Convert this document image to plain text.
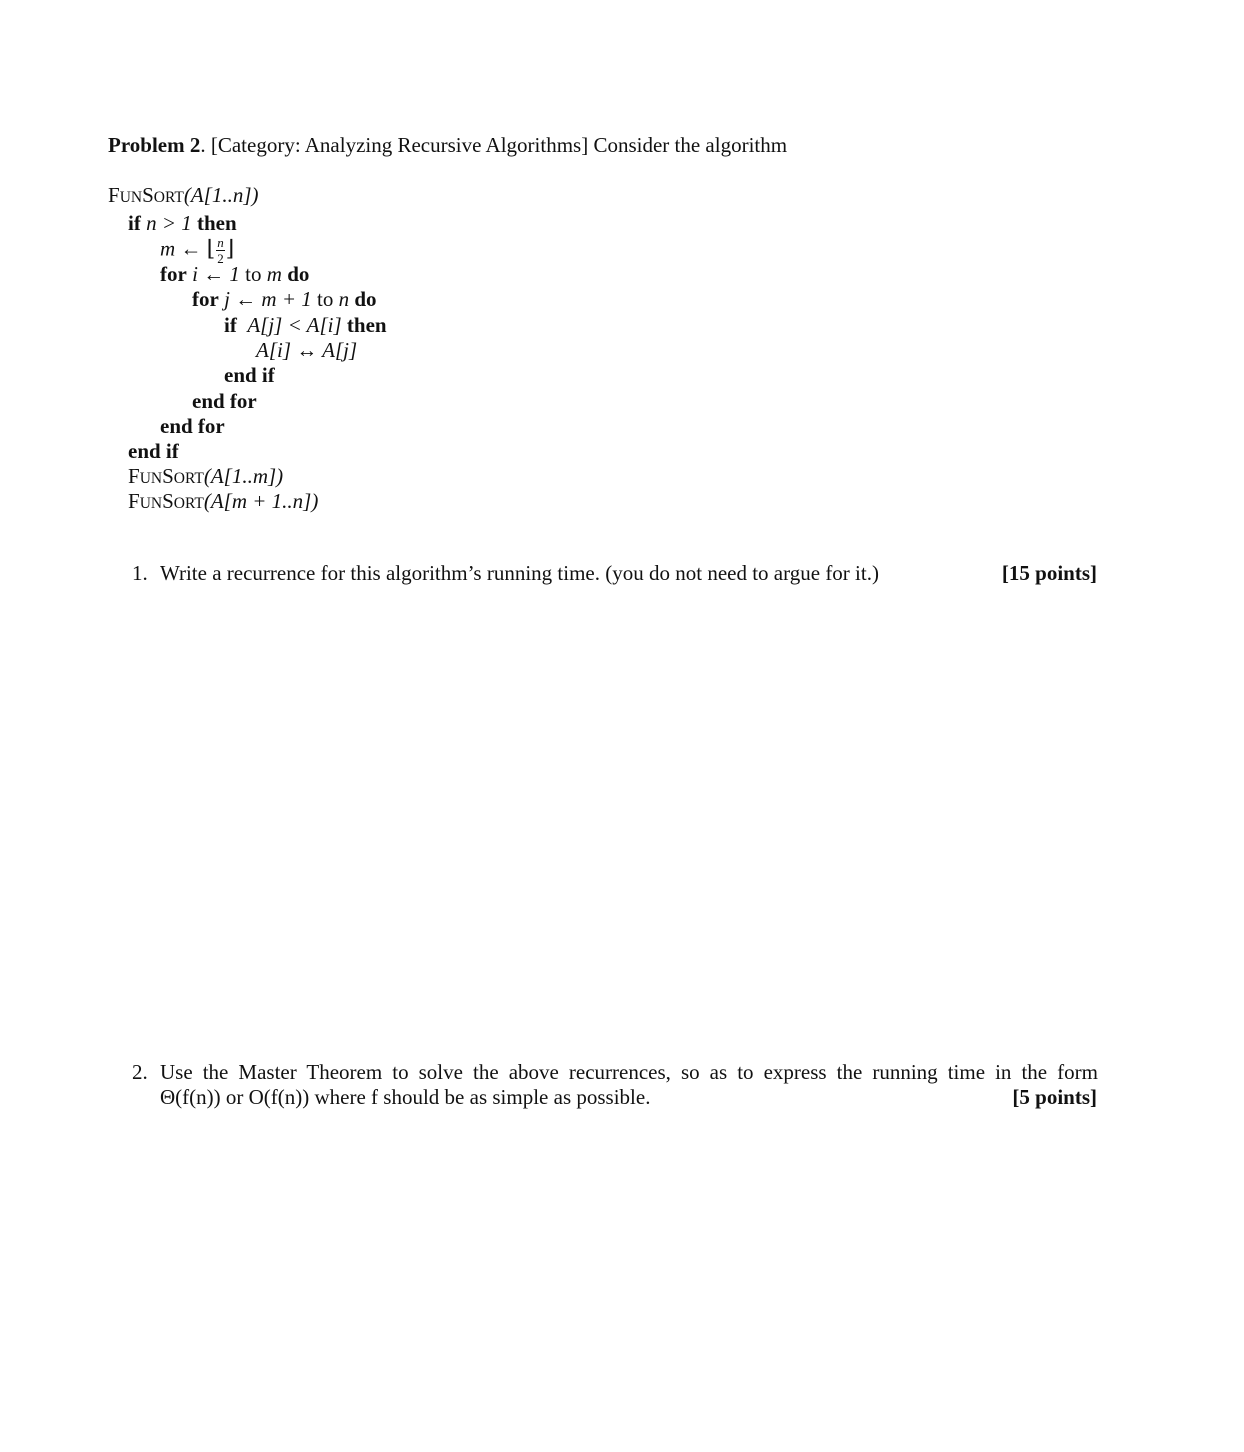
Problem 2. [Category: Analyzing Recursive Algorithms] Consider the algorithm
FUNSORT(A[1..n])
if n > 1 then
m ← ⌊ $\frac{n}{2}$ ⌋
for i ← 1 to m do
for j ← m + 1 to n do
if A[j] < A[i] then
A[i] ↔ A[j]
end if
end for
end for
end if
FUNSORT(A[1..m])
FUNSORT(A[m + 1..n])
1. Write a recurrence for this algorithm’s running time. (you do not need to argue for it.)	[15 points]
2. Use the Master Theorem to solve the above recurrences, so as to express the running time in the form
Θ(f(n)) or O(f(n)) where f should be as simple as possible.	[5 points]
